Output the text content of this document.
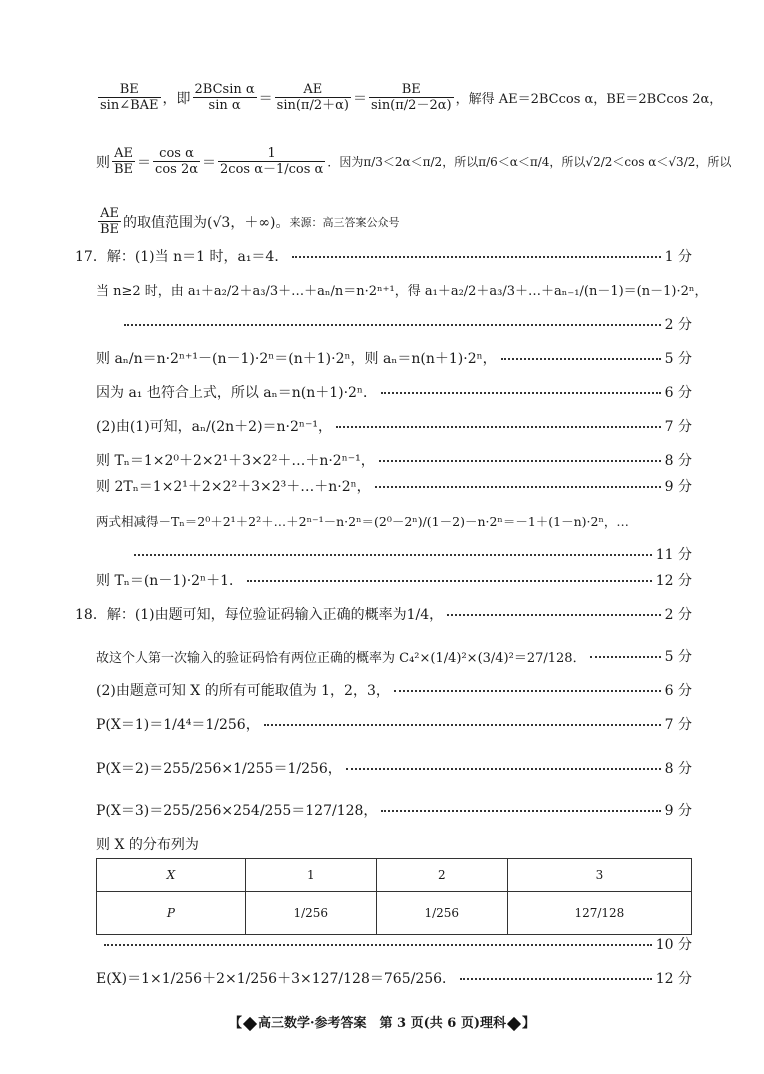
$\frac{BE}{\text{sin∠BAE}}$ ，即 $\frac{\text{2BCsin α}}{\text{sin α}} = \frac{AE}{\sin(\pi/2+\alpha)} = \frac{BE}{\sin(\pi/2-2\alpha)}$ ，解得 AE＝2BCcos α，BE＝2BCcos 2α，
则 $\frac{AE}{BE} = \frac{\text{cos α}}{\cos 2\alpha} = \frac{1}{\text{2cos α－1/cos α}}$ ．因为π/3＜2α＜π/2，所以π/6＜α＜π/4，所以√2/2＜cos α＜√3/2，所以
$\frac{AE}{BE}$ 的取值范围为(√3，＋∞)。 来源：高三答案公众号
17．解：(1)当 n＝1 时，a₁＝4．	1 分
当 n≥2 时，由 a₁＋a₂/2＋a₃/3＋…＋aₙ/n＝n·2ⁿ⁺¹，得 a₁＋a₂/2＋a₃/3＋…＋aₙ₋₁/(n－1)＝(n－1)·2ⁿ，
2 分
则 aₙ/n＝n·2ⁿ⁺¹－(n－1)·2ⁿ＝(n＋1)·2ⁿ，则 aₙ＝n(n＋1)·2ⁿ，	5 分
因为 a₁ 也符合上式，所以 aₙ＝n(n＋1)·2ⁿ．	6 分
(2)由(1)可知，aₙ/(2n＋2)＝n·2ⁿ⁻¹，	7 分
则 Tₙ＝1×2⁰＋2×2¹＋3×2²＋…＋n·2ⁿ⁻¹，	8 分
则 2Tₙ＝1×2¹＋2×2²＋3×2³＋…＋n·2ⁿ，	9 分
两式相减得－Tₙ＝2⁰＋2¹＋2²＋…＋2ⁿ⁻¹－n·2ⁿ＝(2⁰－2ⁿ)/(1－2)－n·2ⁿ＝－1＋(1－n)·2ⁿ，…
11 分
则 Tₙ＝(n－1)·2ⁿ＋1．	12 分
18．解：(1)由题可知，每位验证码输入正确的概率为1/4，	2 分
故这个人第一次输入的验证码恰有两位正确的概率为 C₄²×(1/4)²×(3/4)²＝27/128．	5 分
(2)由题意可知 X 的所有可能取值为 1，2，3，	6 分
P(X＝1)＝1/4⁴＝1/256，	7 分
P(X＝2)＝255/256×1/255＝1/256，	8 分
P(X＝3)＝255/256×254/255＝127/128，	9 分
则 X 的分布列为
X	1	2	3
P	1/256	1/256	127/128
10 分
E(X)＝1×1/256＋2×1/256＋3×127/128＝765/256．	12 分
【 高三数学·参考答案　第 3 页(共 6 页)理科 】
